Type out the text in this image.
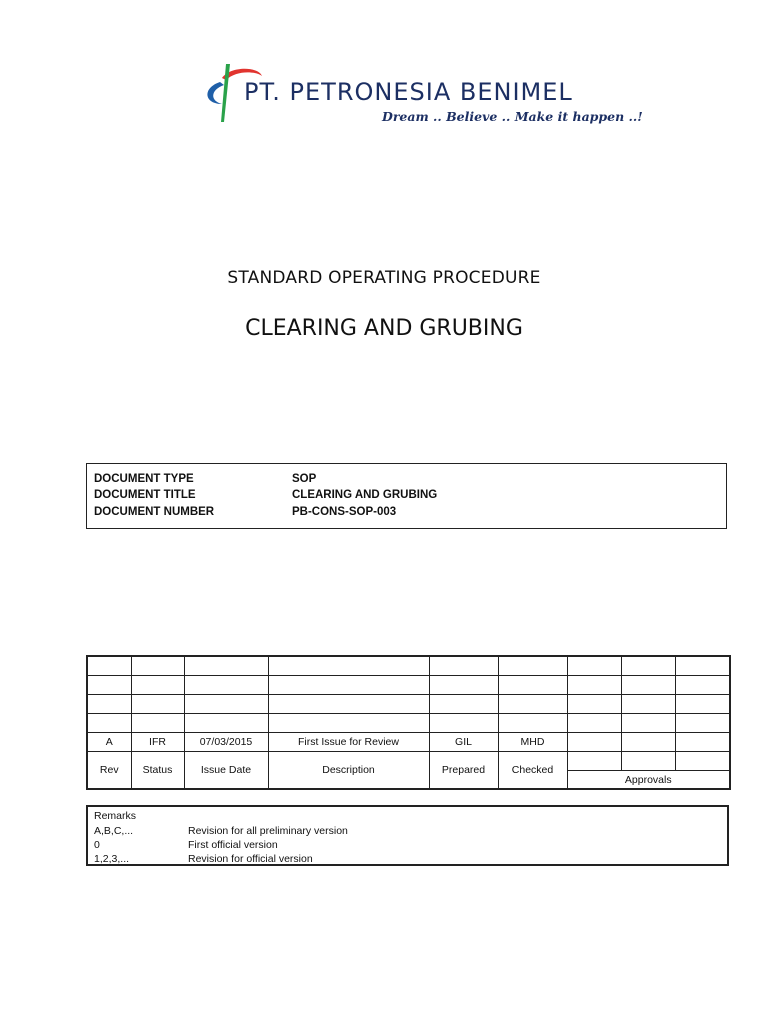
PT. PETRONESIA BENIMEL
Dream .. Believe .. Make it happen ..!
STANDARD OPERATING PROCEDURE
CLEARING AND GRUBING
DOCUMENT TYPE	SOP
DOCUMENT TITLE	CLEARING AND GRUBING
DOCUMENT NUMBER	PB-CONS-SOP-003

A	IFR	07/03/2015	First Issue for Review	GIL	MHD			
Rev	Status	Issue Date	Description	Prepared	Checked			
						Approvals		
Remarks
A,B,C,...	Revision for all preliminary version
0	First official version
1,2,3,...	Revision for official version
